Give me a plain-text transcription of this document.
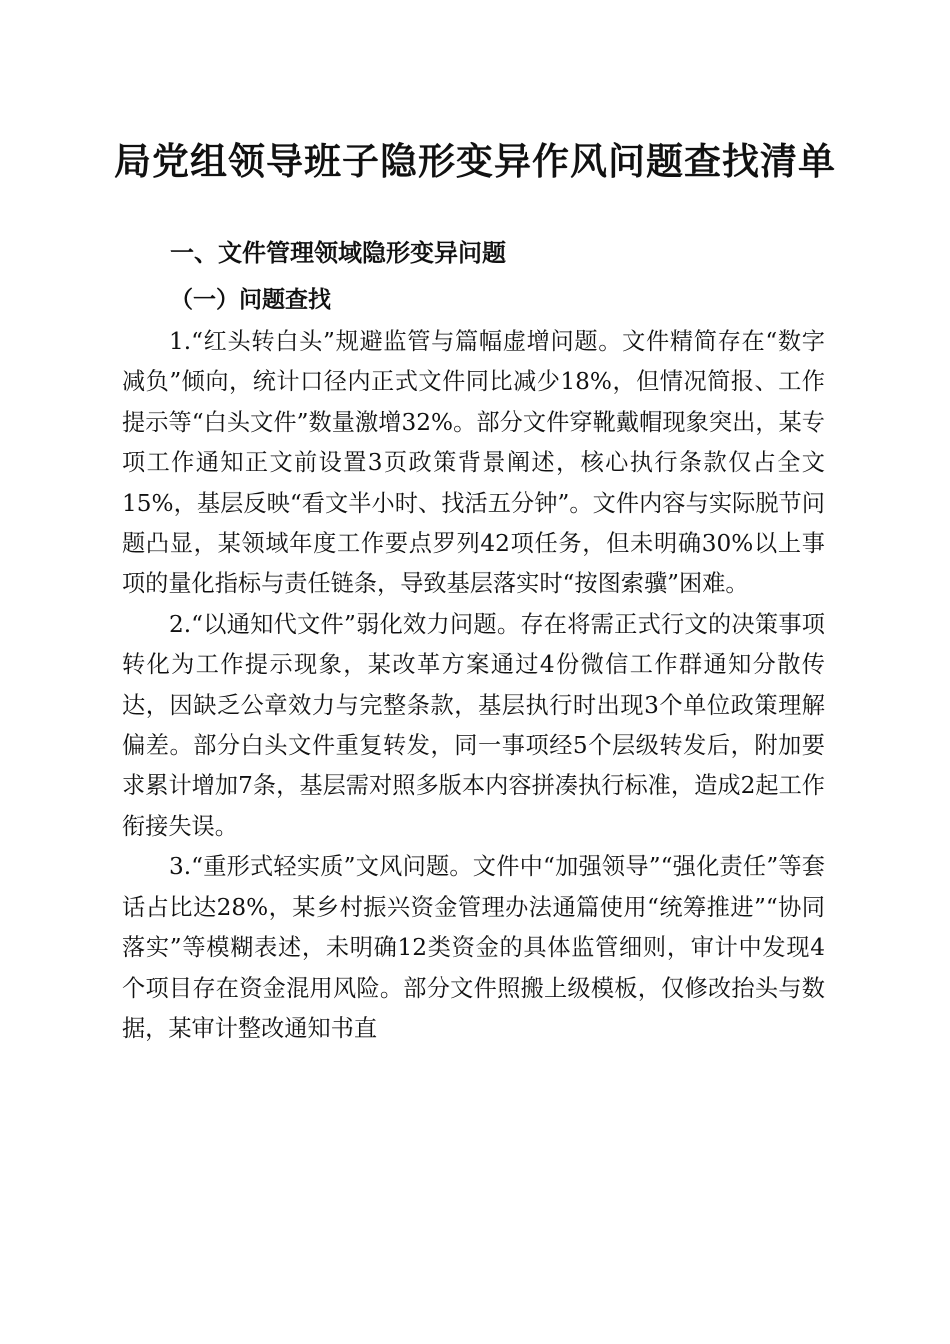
局党组领导班子隐形变异作风问题查找清单
一、文件管理领域隐形变异问题
（一）问题查找

1.“红头转白头”规避监管与篇幅虚增问题。文件精简存在“数字减负”倾向，统计口径内正式文件同比减少18%，但情况简报、工作提示等“白头文件”数量激增32%。部分文件穿靴戴帽现象突出，某专项工作通知正文前设置3页政策背景阐述，核心执行条款仅占全文15%，基层反映“看文半小时、找活五分钟”。文件内容与实际脱节问题凸显，某领域年度工作要点罗列42项任务，但未明确30%以上事项的量化指标与责任链条，导致基层落实时“按图索骥”困难。

2.“以通知代文件”弱化效力问题。存在将需正式行文的决策事项转化为工作提示现象，某改革方案通过4份微信工作群通知分散传达，因缺乏公章效力与完整条款，基层执行时出现3个单位政策理解偏差。部分白头文件重复转发，同一事项经5个层级转发后，附加要求累计增加7条，基层需对照多版本内容拼凑执行标准，造成2起工作衔接失误。

3.“重形式轻实质”文风问题。文件中“加强领导”“强化责任”等套话占比达28%，某乡村振兴资金管理办法通篇使用“统筹推进”“协同落实”等模糊表述，未明确12类资金的具体监管细则，审计中发现4个项目存在资金混用风险。部分文件照搬上级模板，仅修改抬头与数据，某审计整改通知书直
